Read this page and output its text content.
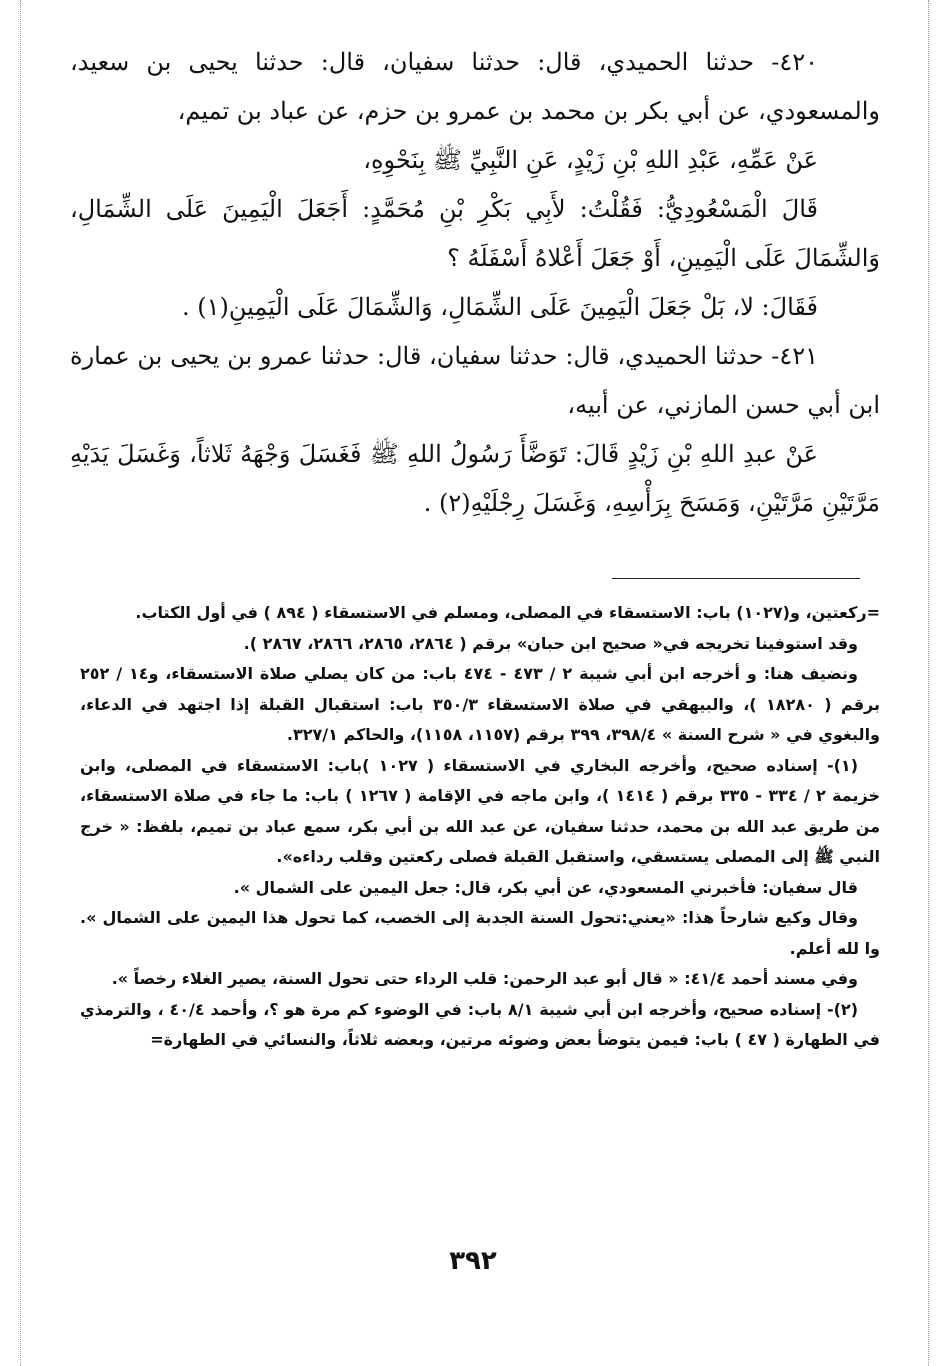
٤٢٠- حدثنا الحميدي، قال: حدثنا سفيان، قال: حدثنا يحيى بن سعيد، والمسعودي، عن أبي بكر بن محمد بن عمرو بن حزم، عن عباد بن تميم،

عَنْ عَمِّهِ، عَبْدِ اللهِ بْنِ زَيْدٍ، عَنِ النَّبِيِّ ﷺ بِنَحْوِهِ،

قَالَ الْمَسْعُودِيُّ: فَقُلْتُ: لأَبِي بَكْرِ بْنِ مُحَمَّدٍ: أَجَعَلَ الْيَمِينَ عَلَى الشِّمَالِ، وَالشِّمَالَ عَلَى الْيَمِينِ، أَوْ جَعَلَ أَعْلاهُ أَسْفَلَهُ ؟

فَقَالَ: لا، بَلْ جَعَلَ الْيَمِينَ عَلَى الشِّمَالِ، وَالشِّمَالَ عَلَى الْيَمِينِ(١) .

٤٢١- حدثنا الحميدي، قال: حدثنا سفيان، قال: حدثنا عمرو بن يحيى بن عمارة ابن أبي حسن المازني، عن أبيه،

عَنْ عبدِ اللهِ بْنِ زَيْدٍ قَالَ: تَوَضَّأَ رَسُولُ اللهِ ﷺ فَغَسَلَ وَجْهَهُ ثَلاثاً، وَغَسَلَ يَدَيْهِ مَرَّتَيْنِ مَرَّتَيْنِ، وَمَسَحَ بِرَأْسِهِ، وَغَسَلَ رِجْلَيْهِ(٢) .

=ركعتين، و(١٠٢٧) باب: الاستسقاء في المصلى، ومسلم في الاستسقاء ( ٨٩٤ ) في أول الكتاب.

وقد استوفينا تخريجه في« صحيح ابن حبان» برقم ( ٢٨٦٤، ٢٨٦٥، ٢٨٦٦، ٢٨٦٧ ).

ونضيف هنا: و أخرجه ابن أبي شيبة ٢ / ٤٧٣ - ٤٧٤ باب: من كان يصلي صلاة الاستسقاء، و١٤ / ٢٥٢ برقم ( ١٨٢٨٠ )، والبيهقي في صلاة الاستسقاء ٣٥٠/٣ باب: استقبال القبلة إذا اجتهد في الدعاء، والبغوي في « شرح السنة » ٣٩٨/٤، ٣٩٩ برقم (١١٥٧، ١١٥٨)، والحاكم ٣٢٧/١.

(١)- إسناده صحيح، وأخرجه البخاري في الاستسقاء ( ١٠٢٧ )باب: الاستسقاء في المصلى، وابن خزيمة ٢ / ٣٣٤ - ٣٣٥ برقم ( ١٤١٤ )، وابن ماجه في الإقامة ( ١٢٦٧ ) باب: ما جاء في صلاة الاستسقاء، من طريق عبد الله بن محمد، حدثنا سفيان، عن عبد الله بن أبي بكر، سمع عباد بن تميم، بلفظ: « خرج النبي ﷺ إلى المصلى يستسقي، واستقبل القبلة فصلى ركعتين وقلب رداءه».

قال سفيان: فأخبرني المسعودي، عن أبي بكر، قال: جعل اليمين على الشمال ».

وقال وكيع شارحاً هذا: «يعني:تحول السنة الجدبة إلى الخصب، كما تحول هذا اليمين على الشمال ». وا لله أعلم.

وفي مسند أحمد ٤١/٤: « قال أبو عبد الرحمن: قلب الرداء حتى تحول السنة، يصير الغلاء رخصاً ».

(٢)- إسناده صحيح، وأخرجه ابن أبي شيبة ٨/١ باب: في الوضوء كم مرة هو ؟، وأحمد ٤٠/٤ ، والترمذي في الطهارة ( ٤٧ ) باب: فيمن يتوضأ بعض وضوئه مرتين، وبعضه ثلاثاً، والنسائي في الطهارة=

٣٩٢
